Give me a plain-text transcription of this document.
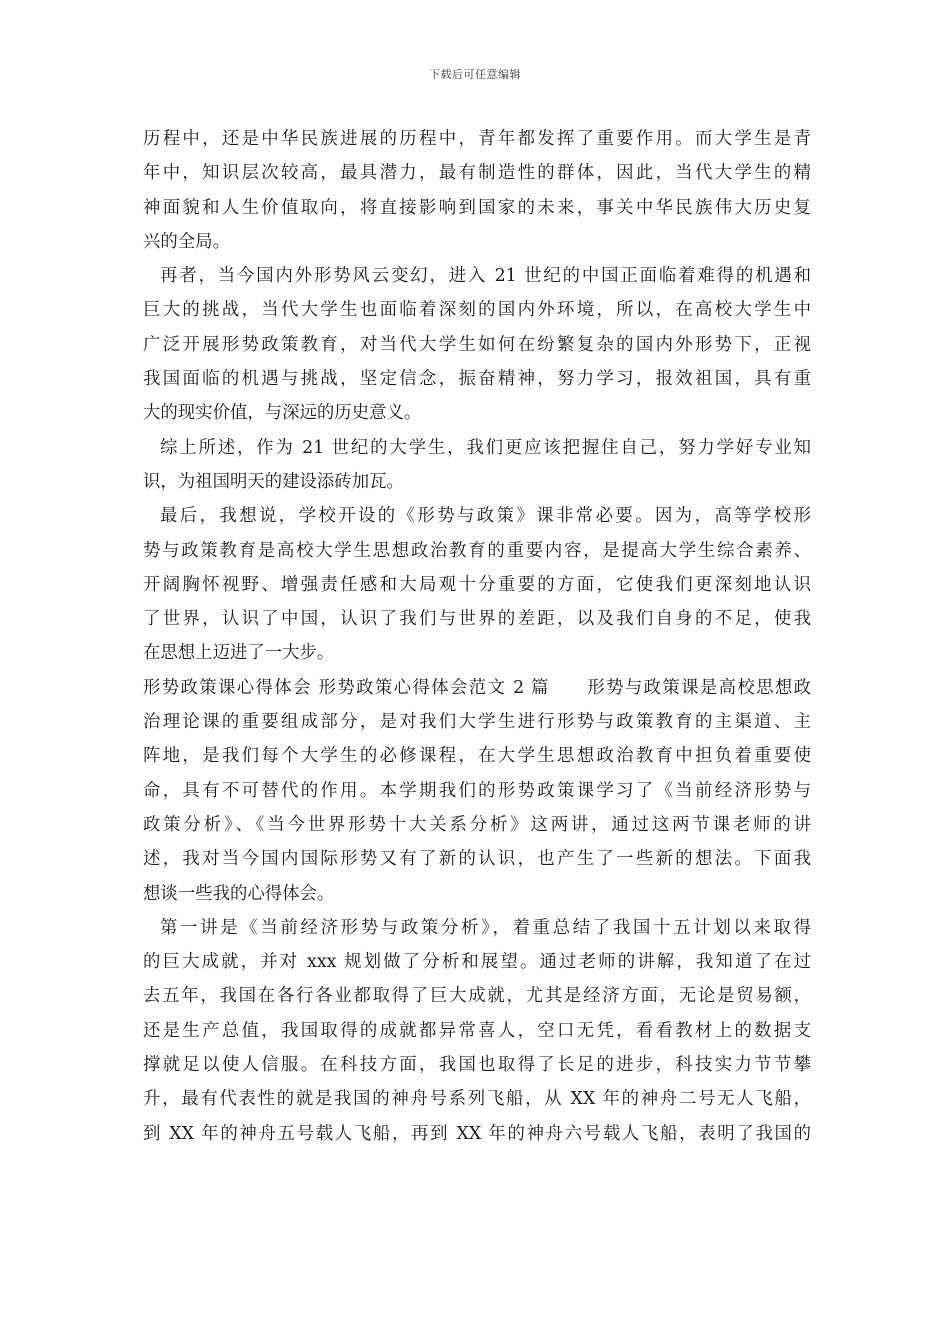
下载后可任意编辑
历程中，还是中华民族进展的历程中，青年都发挥了重要作用。而大学生是青
年中，知识层次较高，最具潜力，最有制造性的群体，因此，当代大学生的精
神面貌和人生价值取向，将直接影响到国家的未来，事关中华民族伟大历史复
兴的全局。
再者，当今国内外形势风云变幻，进入 21 世纪的中国正面临着难得的机遇和
巨大的挑战，当代大学生也面临着深刻的国内外环境，所以，在高校大学生中
广泛开展形势政策教育，对当代大学生如何在纷繁复杂的国内外形势下，正视
我国面临的机遇与挑战，坚定信念，振奋精神，努力学习，报效祖国，具有重
大的现实价值，与深远的历史意义。
综上所述，作为 21 世纪的大学生，我们更应该把握住自己，努力学好专业知
识，为祖国明天的建设添砖加瓦。
最后，我想说，学校开设的《形势与政策》课非常必要。因为，高等学校形
势与政策教育是高校大学生思想政治教育的重要内容，是提高大学生综合素养、
开阔胸怀视野、增强责任感和大局观十分重要的方面，它使我们更深刻地认识
了世界，认识了中国，认识了我们与世界的差距，以及我们自身的不足，使我
在思想上迈进了一大步。
形势政策课心得体会 形势政策心得体会范文 2 篇　　形势与政策课是高校思想政
治理论课的重要组成部分，是对我们大学生进行形势与政策教育的主渠道、主
阵地，是我们每个大学生的必修课程，在大学生思想政治教育中担负着重要使
命，具有不可替代的作用。本学期我们的形势政策课学习了《当前经济形势与
政策分析》、《当今世界形势十大关系分析》这两讲，通过这两节课老师的讲
述，我对当今国内国际形势又有了新的认识，也产生了一些新的想法。下面我
想谈一些我的心得体会。
第一讲是《当前经济形势与政策分析》，着重总结了我国十五计划以来取得
的巨大成就，并对 xxx 规划做了分析和展望。通过老师的讲解，我知道了在过
去五年，我国在各行各业都取得了巨大成就，尤其是经济方面，无论是贸易额，
还是生产总值，我国取得的成就都异常喜人，空口无凭，看看教材上的数据支
撑就足以使人信服。在科技方面，我国也取得了长足的进步，科技实力节节攀
升，最有代表性的就是我国的神舟号系列飞船，从 XX 年的神舟二号无人飞船，
到 XX 年的神舟五号载人飞船，再到 XX 年的神舟六号载人飞船，表明了我国的
